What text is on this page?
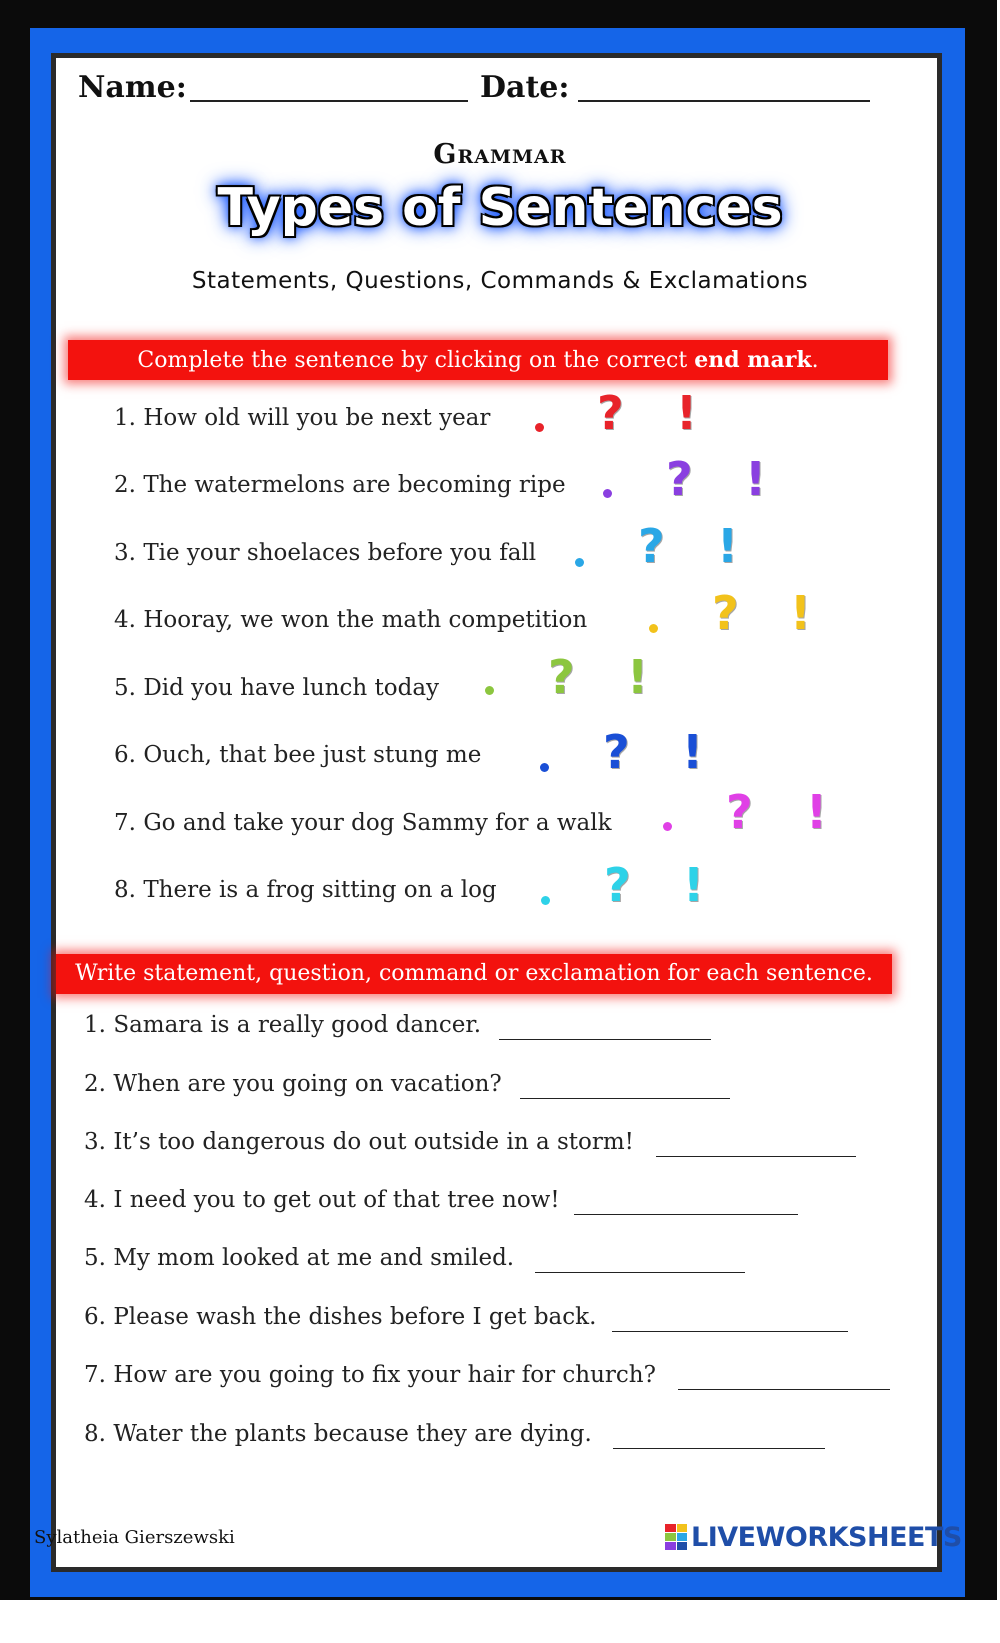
Name:	Date:
Grammar
Types of Sentences
Statements, Questions, Commands & Exclamations
Complete the sentence by clicking on the correct end mark.
1. How old will you be next year
2. The watermelons are becoming ripe
3. Tie your shoelaces before you fall
4. Hooray, we won the math competition
5. Did you have lunch today
6. Ouch, that bee just stung me
7. Go and take your dog Sammy for a walk
8. There is a frog sitting on a log
? !
? !
? !
? !
? !
? !
? !
? !
Write statement, question, command or exclamation for each sentence.
1. Samara is a really good dancer.
2. When are you going on vacation?
3. It’s too dangerous do out outside in a storm!
4. I need you to get out of that tree now!
5. My mom looked at me and smiled.
6. Please wash the dishes before I get back.
7. How are you going to fix your hair for church?
8. Water the plants because they are dying.
Sylatheia Gierszewski	LIVEWORKSHEETS
